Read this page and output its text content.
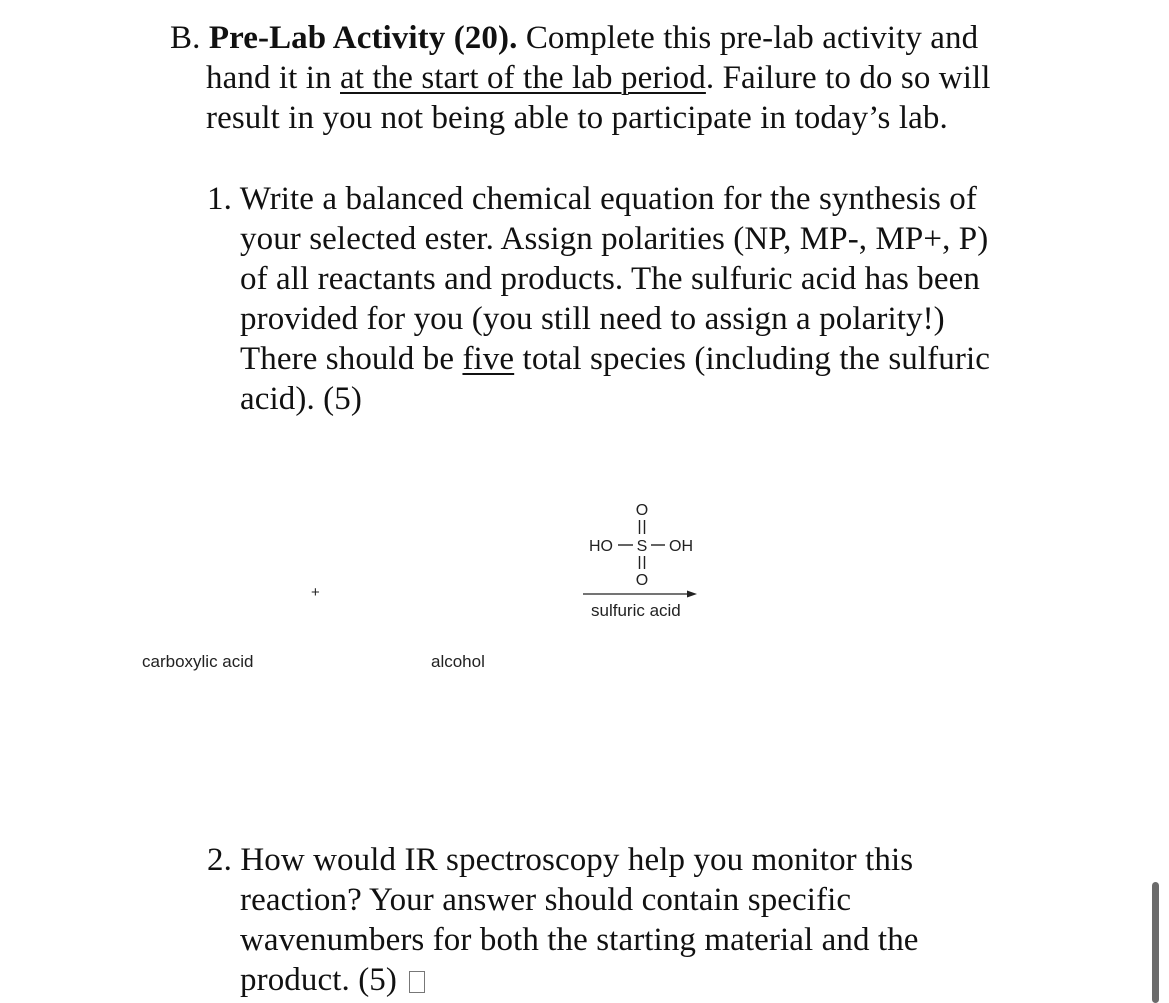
B. Pre-Lab Activity (20). Complete this pre-lab activity and
hand it in at the start of the lab period. Failure to do so will
result in you not being able to participate in today’s lab.
1. Write a balanced chemical equation for the synthesis of
your selected ester. Assign polarities (NP, MP-, MP+, P)
of all reactants and products. The sulfuric acid has been
provided for you (you still need to assign a polarity!)
There should be five total species (including the sulfuric
acid). (5)
+
carboxylic acid	alcohol
O
HO S OH
O
sulfuric acid
2. How would IR spectroscopy help you monitor this
reaction? Your answer should contain specific
wavenumbers for both the starting material and the
product. (5)
